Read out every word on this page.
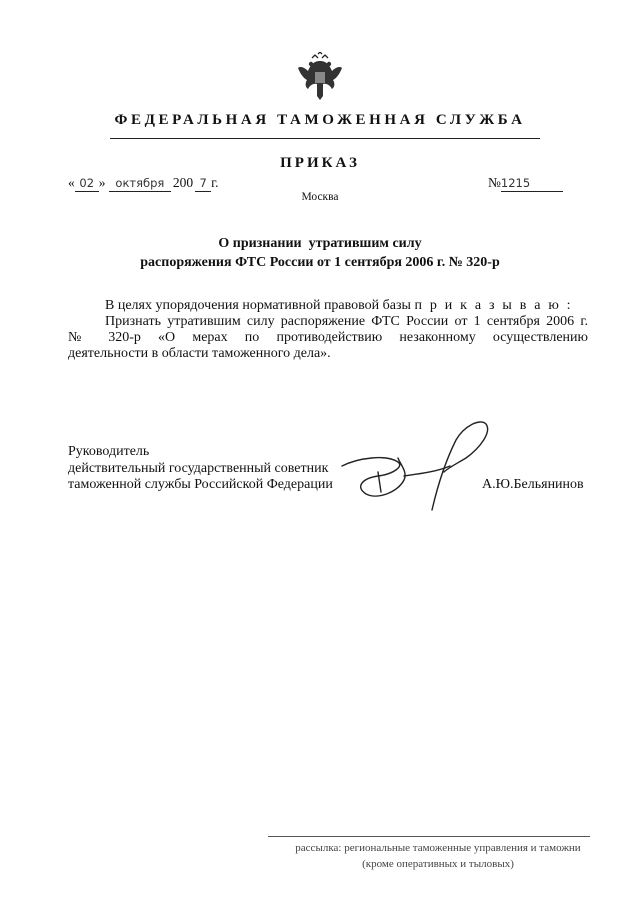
ФЕДЕРАЛЬНАЯ ТАМОЖЕННАЯ СЛУЖБА
ПРИКАЗ
« 02 » октября 200 7 г.	№1215
Москва
О признании  утратившим силу
распоряжения ФТС России от 1 сентября 2006 г. № 320-р

В целях упорядочения нормативной правовой базы п р и к а з ы в а ю :

Признать утратившим силу распоряжение ФТС России от 1 сентября 2006 г.

№ 320-р «О мерах по противодействию незаконному осуществлению

деятельности в области таможенного дела».

Руководитель
действительный государственный советник
таможенной службы Российской Федерации	А.Ю.Бельянинов
рассылка: региональные таможенные управления и таможни
(кроме оперативных и тыловых)
